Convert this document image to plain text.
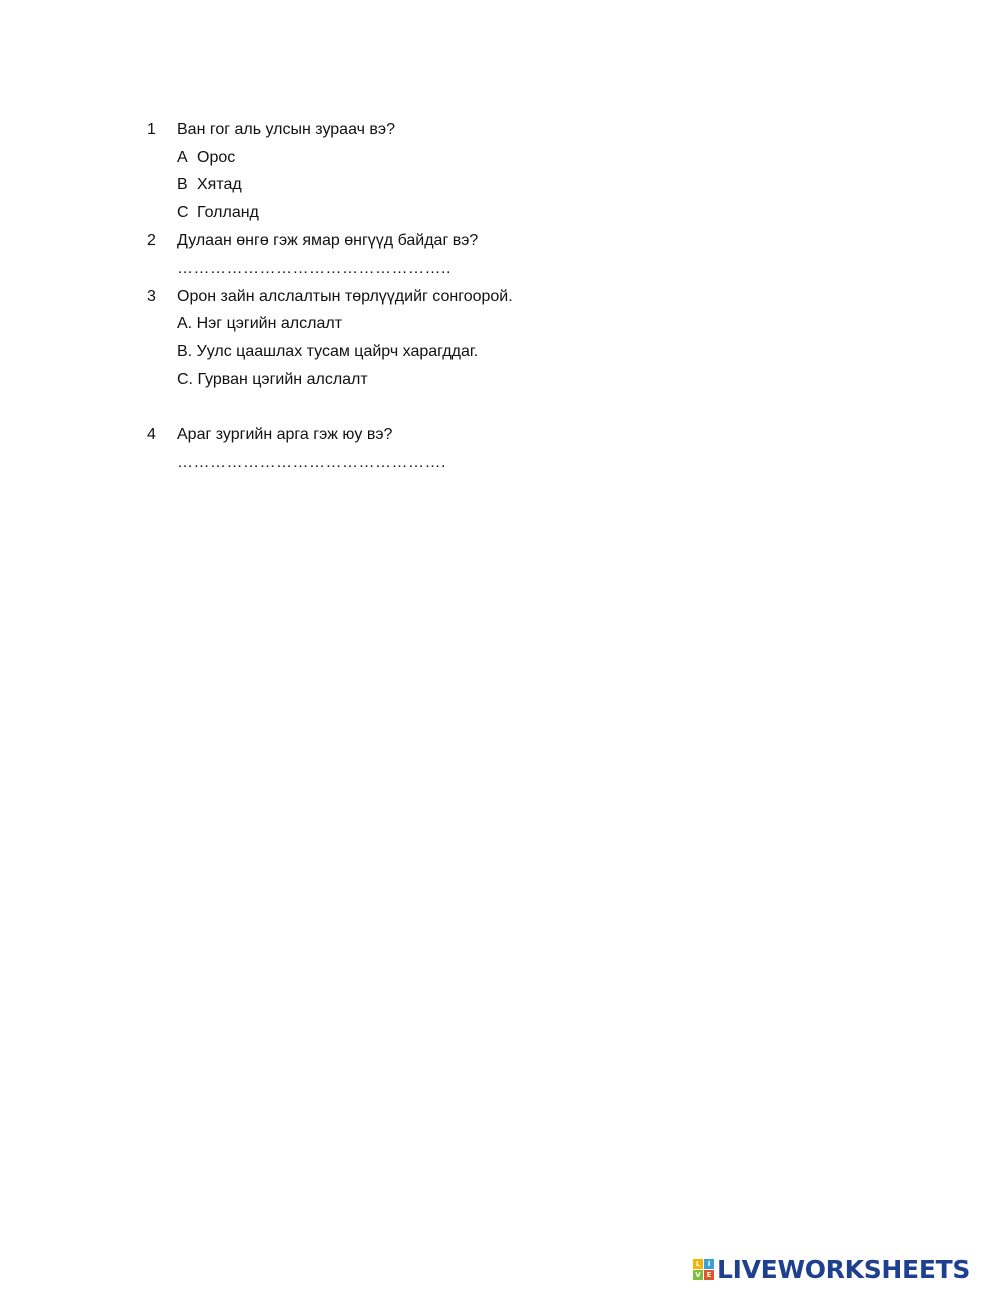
1 Ван гог аль улсын зураач вэ?
A Орос
B Хятад
C Голланд
2 Дулаан өнгө гэж ямар өнгүүд байдаг вэ?
…………………………………………..
3 Орон зайн алслалтын төрлүүдийг сонгоорой.
A. Нэг цэгийн алслалт
B. Уулс цаашлах тусам цайрч харагддаг.
C. Гурван цэгийн алслалт
4 Араг зургийн арга гэж юу вэ?
………………………………………….
L	I
V E LIVEWORKSHEETS
